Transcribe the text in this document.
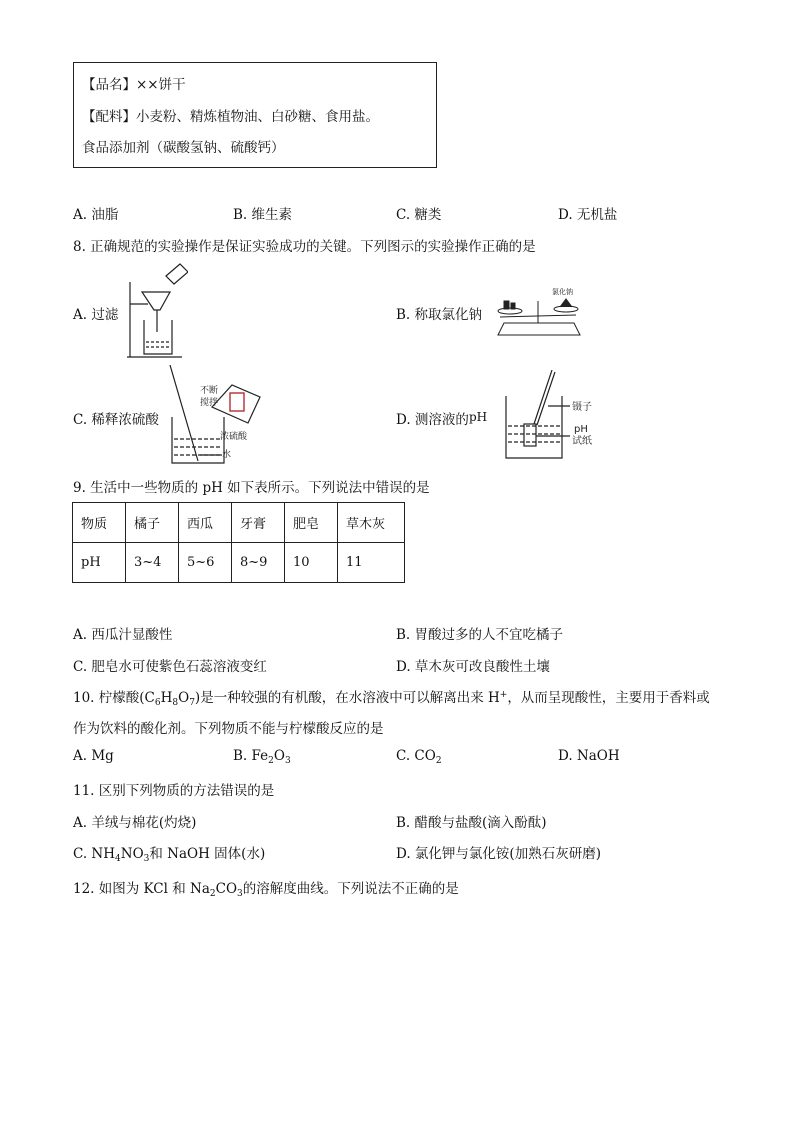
【品名】××饼干
【配料】小麦粉、精炼植物油、白砂糖、食用盐。
食品添加剂（碳酸氢钠、硫酸钙）
A. 油脂	B. 维生素	C. 糖类	D. 无机盐
8. 正确规范的实验操作是保证实验成功的关键。下列图示的实验操作正确的是
A. 过滤	B. 称取氯化钠
C. 稀释浓硫酸	D. 测溶液的pH
氯化钠
不断
搅拌
浓硫酸
水
镊子
pH
试纸
9. 生活中一些物质的 pH 如下表所示。下列说法中错误的是
物质	橘子	西瓜	牙膏	肥皂	草木灰
pH	3~4	5~6	8~9	10	11
A. 西瓜汁显酸性	B. 胃酸过多的人不宜吃橘子
C. 肥皂水可使紫色石蕊溶液变红	D. 草木灰可改良酸性土壤
10. 柠檬酸$(C_6H_8O_7)$是一种较强的有机酸，在水溶液中可以解离出来 H+，从而呈现酸性，主要用于香料或
作为饮料的酸化剂。下列物质不能与柠檬酸反应的是
A. Mg	B. $Fe_2O_3$	C. $CO_2$	D. NaOH
11. 区别下列物质的方法错误的是
A. 羊绒与棉花(灼烧)	B. 醋酸与盐酸(滴入酚酞)
C. $NH_4NO_3$和 NaOH 固体(水)	D. 氯化钾与氯化铵(加熟石灰研磨)
12. 如图为 KCl 和 $Na_2CO_3$的溶解度曲线。下列说法不正确的是
